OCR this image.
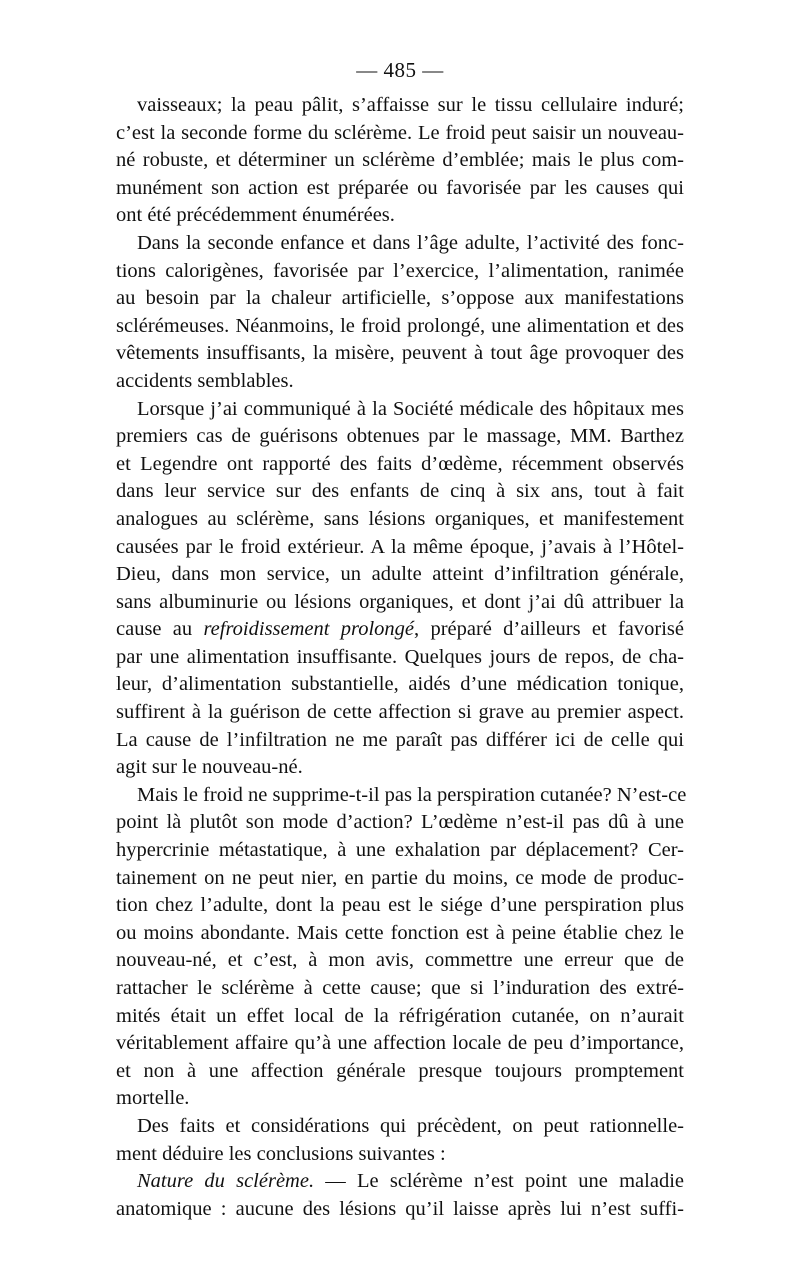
— 485 —

vaisseaux; la peau pâlit, s’affaisse sur le tissu cellulaire induré;
c’est la seconde forme du sclérème. Le froid peut saisir un nouveau-
né robuste, et déterminer un sclérème d’emblée; mais le plus com-
munément son action est préparée ou favorisée par les causes qui
ont été précédemment énumérées.

Dans la seconde enfance et dans l’âge adulte, l’activité des fonc-
tions calorigènes, favorisée par l’exercice, l’alimentation, ranimée
au besoin par la chaleur artificielle, s’oppose aux manifestations
sclérémeuses. Néanmoins, le froid prolongé, une alimentation et des
vêtements insuffisants, la misère, peuvent à tout âge provoquer des
accidents semblables.

Lorsque j’ai communiqué à la Société médicale des hôpitaux mes
premiers cas de guérisons obtenues par le massage, MM. Barthez
et Legendre ont rapporté des faits d’œdème, récemment observés
dans leur service sur des enfants de cinq à six ans, tout à fait
analogues au sclérème, sans lésions organiques, et manifestement
causées par le froid extérieur. A la même époque, j’avais à l’Hôtel-
Dieu, dans mon service, un adulte atteint d’infiltration générale,
sans albuminurie ou lésions organiques, et dont j’ai dû attribuer la
cause au refroidissement prolongé, préparé d’ailleurs et favorisé
par une alimentation insuffisante. Quelques jours de repos, de cha-
leur, d’alimentation substantielle, aidés d’une médication tonique,
suffirent à la guérison de cette affection si grave au premier aspect.
La cause de l’infiltration ne me paraît pas différer ici de celle qui
agit sur le nouveau-né.

Mais le froid ne supprime-t-il pas la perspiration cutanée? N’est-ce
point là plutôt son mode d’action? L’œdème n’est-il pas dû à une
hypercrinie métastatique, à une exhalation par déplacement? Cer-
tainement on ne peut nier, en partie du moins, ce mode de produc-
tion chez l’adulte, dont la peau est le siége d’une perspiration plus
ou moins abondante. Mais cette fonction est à peine établie chez le
nouveau-né, et c’est, à mon avis, commettre une erreur que de
rattacher le sclérème à cette cause; que si l’induration des extré-
mités était un effet local de la réfrigération cutanée, on n’aurait
véritablement affaire qu’à une affection locale de peu d’importance,
et non à une affection générale presque toujours promptement
mortelle.

Des faits et considérations qui précèdent, on peut rationnelle-
ment déduire les conclusions suivantes :

Nature du sclérème. — Le sclérème n’est point une maladie
anatomique : aucune des lésions qu’il laisse après lui n’est suffi-
